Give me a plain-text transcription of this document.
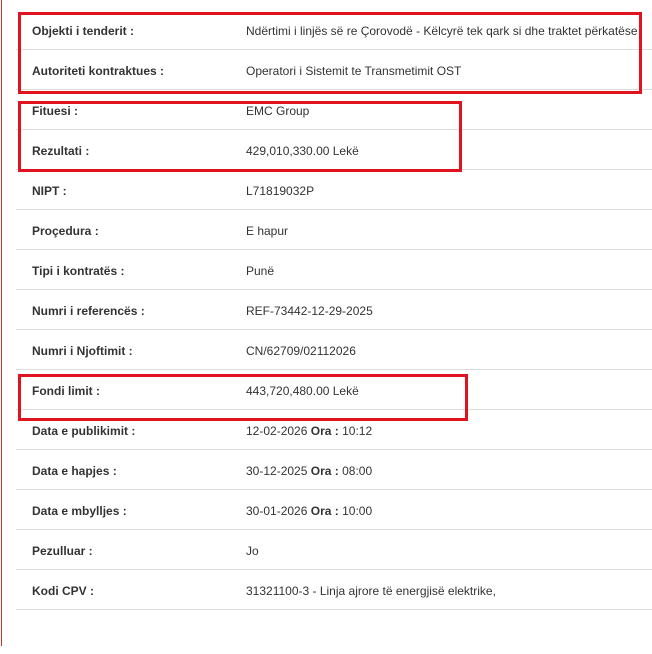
Objekti i tenderit :	Ndërtimi i linjës së re Çorovodë - Këlcyrë tek qark si dhe traktet përkatëse
Autoriteti kontraktues :	Operatori i Sistemit te Transmetimit OST
Fituesi :	EMC Group
Rezultati :	429,010,330.00 Lekë
NIPT :	L71819032P
Proçedura :	E hapur
Tipi i kontratës :	Punë
Numri i referencës :	REF-73442-12-29-2025
Numri i Njoftimit :	CN/62709/02112026
Fondi limit :	443,720,480.00 Lekë
Data e publikimit :	12-02-2026 Ora : 10:12
Data e hapjes :	30-12-2025 Ora : 08:00
Data e mbylljes :	30-01-2026 Ora : 10:00
Pezulluar :	Jo
Kodi CPV :	31321100-3 - Linja ajrore të energjisë elektrike,
